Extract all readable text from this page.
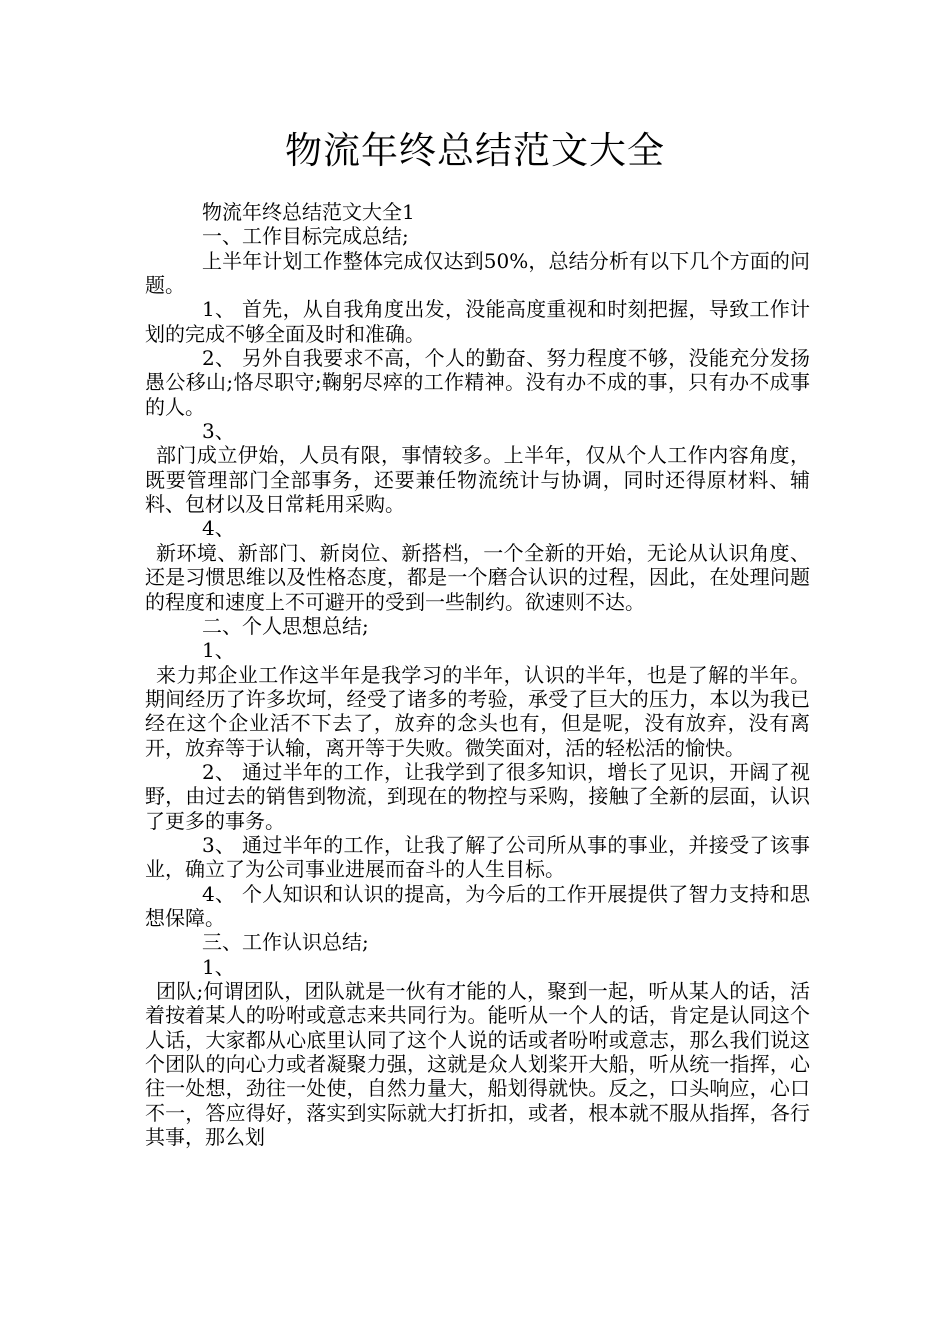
物流年终总结范文大全

物流年终总结范文大全1

一、工作目标完成总结;

上半年计划工作整体完成仅达到50%，总结分析有以下几个方面的问题。

1、 首先，从自我角度出发，没能高度重视和时刻把握，导致工作计划的完成不够全面及时和准确。

2、 另外自我要求不高，个人的勤奋、努力程度不够，没能充分发扬愚公移山;恪尽职守;鞠躬尽瘁的工作精神。没有办不成的事，只有办不成事的人。

3、

部门成立伊始，人员有限，事情较多。上半年，仅从个人工作内容角度，既要管理部门全部事务，还要兼任物流统计与协调，同时还得原材料、辅料、包材以及日常耗用采购。

4、

新环境、新部门、新岗位、新搭档，一个全新的开始，无论从认识角度、还是习惯思维以及性格态度，都是一个磨合认识的过程，因此，在处理问题的程度和速度上不可避开的受到一些制约。欲速则不达。

二、个人思想总结;

1、

来力邦企业工作这半年是我学习的半年，认识的半年，也是了解的半年。期间经历了许多坎坷，经受了诸多的考验，承受了巨大的压力，本以为我已经在这个企业活不下去了，放弃的念头也有，但是呢，没有放弃，没有离开，放弃等于认输，离开等于失败。微笑面对，活的轻松活的愉快。

2、 通过半年的工作，让我学到了很多知识，增长了见识，开阔了视野，由过去的销售到物流，到现在的物控与采购，接触了全新的层面，认识了更多的事务。

3、 通过半年的工作，让我了解了公司所从事的事业，并接受了该事业，确立了为公司事业进展而奋斗的人生目标。

4、 个人知识和认识的提高，为今后的工作开展提供了智力支持和思想保障。

三、工作认识总结;

1、

团队;何谓团队，团队就是一伙有才能的人，聚到一起，听从某人的话，活着按着某人的吩咐或意志来共同行为。能听从一个人的话，肯定是认同这个人话，大家都从心底里认同了这个人说的话或者吩咐或意志，那么我们说这个团队的向心力或者凝聚力强，这就是众人划桨开大船，听从统一指挥，心往一处想，劲往一处使，自然力量大，船划得就快。反之，口头响应，心口不一，答应得好，落实到实际就大打折扣，或者，根本就不服从指挥，各行其事，那么划
